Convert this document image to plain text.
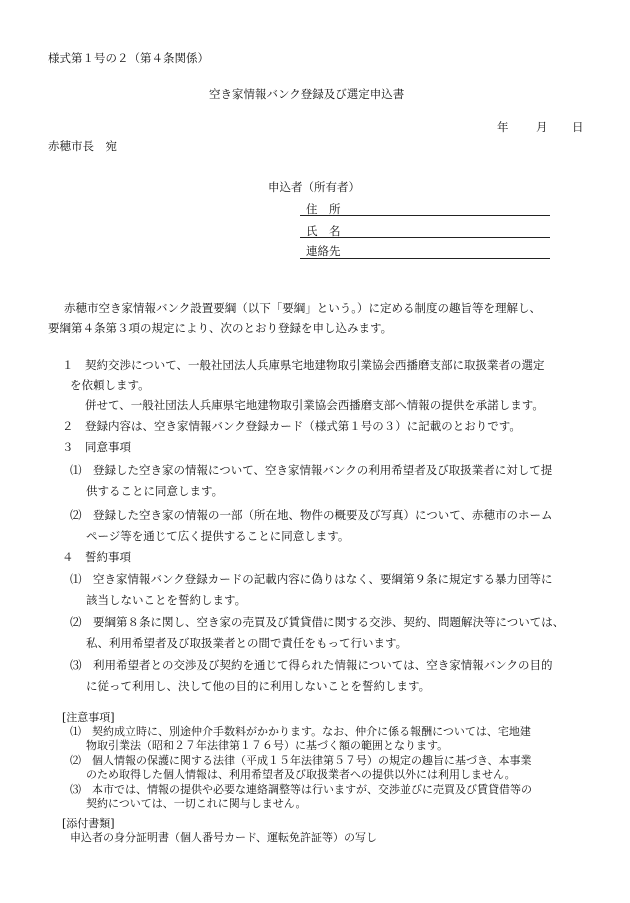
様式第１号の２（第４条関係）
空き家情報バンク登録及び選定申込書
年 月 日
赤穂市長　宛
申込者（所有者）
住　所
氏　名
連絡先
赤穂市空き家情報バンク設置要綱（以下「要綱」という。）に定める制度の趣旨等を理解し、
要綱第４条第３項の規定により、次のとおり登録を申し込みます。
１　契約交渉について、一般社団法人兵庫県宅地建物取引業協会西播磨支部に取扱業者の選定
を依頼します。
併せて、一般社団法人兵庫県宅地建物取引業協会西播磨支部へ情報の提供を承諾します。
２　登録内容は、空き家情報バンク登録カード（様式第１号の３）に記載のとおりです。
３　同意事項
⑴　登録した空き家の情報について、空き家情報バンクの利用希望者及び取扱業者に対して提
供することに同意します。
⑵　登録した空き家の情報の一部（所在地、物件の概要及び写真）について、赤穂市のホーム
ページ等を通じて広く提供することに同意します。
４　誓約事項
⑴　空き家情報バンク登録カードの記載内容に偽りはなく、要綱第９条に規定する暴力団等に
該当しないことを誓約します。
⑵　要綱第８条に関し、空き家の売買及び賃貸借に関する交渉、契約、問題解決等については、
私、利用希望者及び取扱業者との間で責任をもって行います。
⑶　利用希望者との交渉及び契約を通じて得られた情報については、空き家情報バンクの目的
に従って利用し、決して他の目的に利用しないことを誓約します。
[注意事項]
⑴　契約成立時に、別途仲介手数料がかかります。なお、仲介に係る報酬については、宅地建
物取引業法（昭和２７年法律第１７６号）に基づく額の範囲となります。
⑵　個人情報の保護に関する法律（平成１５年法律第５７号）の規定の趣旨に基づき、本事業
のため取得した個人情報は、利用希望者及び取扱業者への提供以外には利用しません。
⑶　本市では、情報の提供や必要な連絡調整等は行いますが、交渉並びに売買及び賃貸借等の
契約については、一切これに関与しません。
[添付書類]
申込者の身分証明書（個人番号カード、運転免許証等）の写し
